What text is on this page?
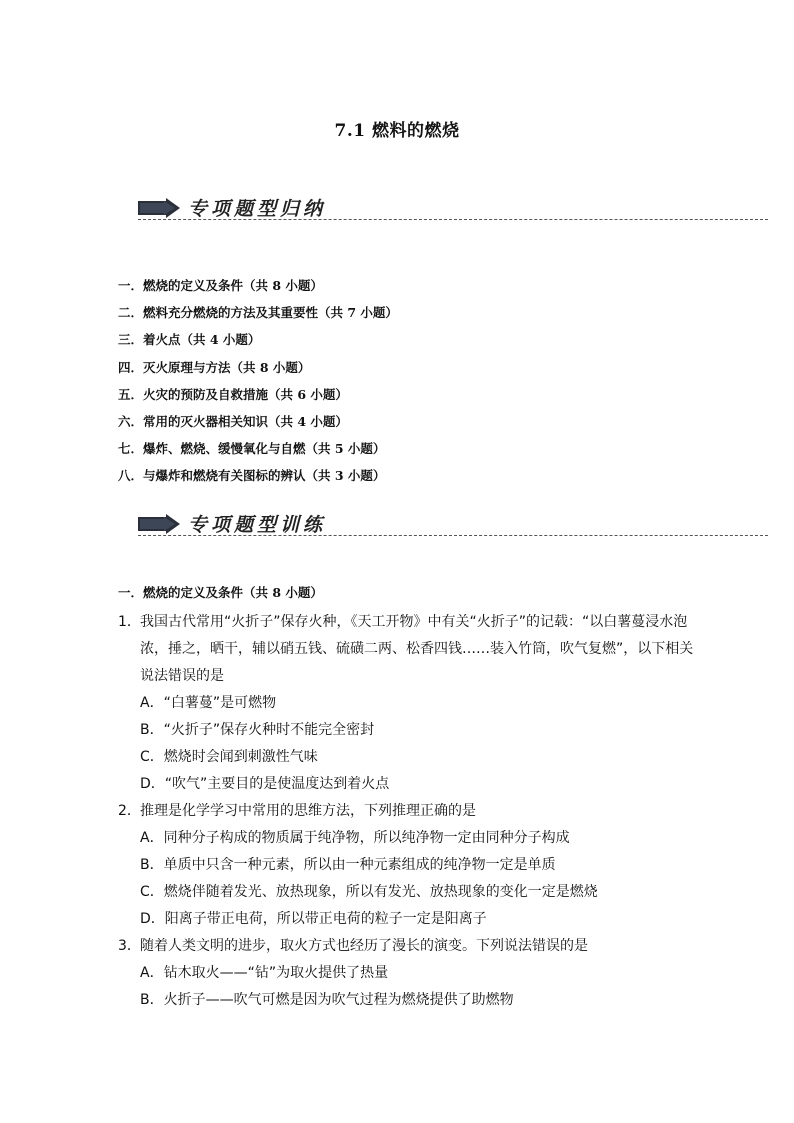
7.1 燃料的燃烧
专项题型归纳
一．燃烧的定义及条件（共 8 小题）
二．燃料充分燃烧的方法及其重要性（共 7 小题）
三．着火点（共 4 小题）
四．灭火原理与方法（共 8 小题）
五．火灾的预防及自救措施（共 6 小题）
六．常用的灭火器相关知识（共 4 小题）
七．爆炸、燃烧、缓慢氧化与自燃（共 5 小题）
八．与爆炸和燃烧有关图标的辨认（共 3 小题）
专项题型训练
一．燃烧的定义及条件（共 8 小题）
1．我国古代常用“火折子”保存火种，《天工开物》中有关“火折子”的记载：“以白薯蔓浸水泡浓，捶之，晒干，辅以硝五钱、硫磺二两、松香四钱……装入竹筒，吹气复燃”，以下相关说法错误的是
A．“白薯蔓”是可燃物
B．“火折子”保存火种时不能完全密封
C．燃烧时会闻到刺激性气味
D．“吹气”主要目的是使温度达到着火点
2．推理是化学学习中常用的思维方法，下列推理正确的是
A．同种分子构成的物质属于纯净物，所以纯净物一定由同种分子构成
B．单质中只含一种元素，所以由一种元素组成的纯净物一定是单质
C．燃烧伴随着发光、放热现象，所以有发光、放热现象的变化一定是燃烧
D．阳离子带正电荷，所以带正电荷的粒子一定是阳离子
3．随着人类文明的进步，取火方式也经历了漫长的演变。下列说法错误的是
A．钻木取火——“钻”为取火提供了热量
B．火折子——吹气可燃是因为吹气过程为燃烧提供了助燃物
